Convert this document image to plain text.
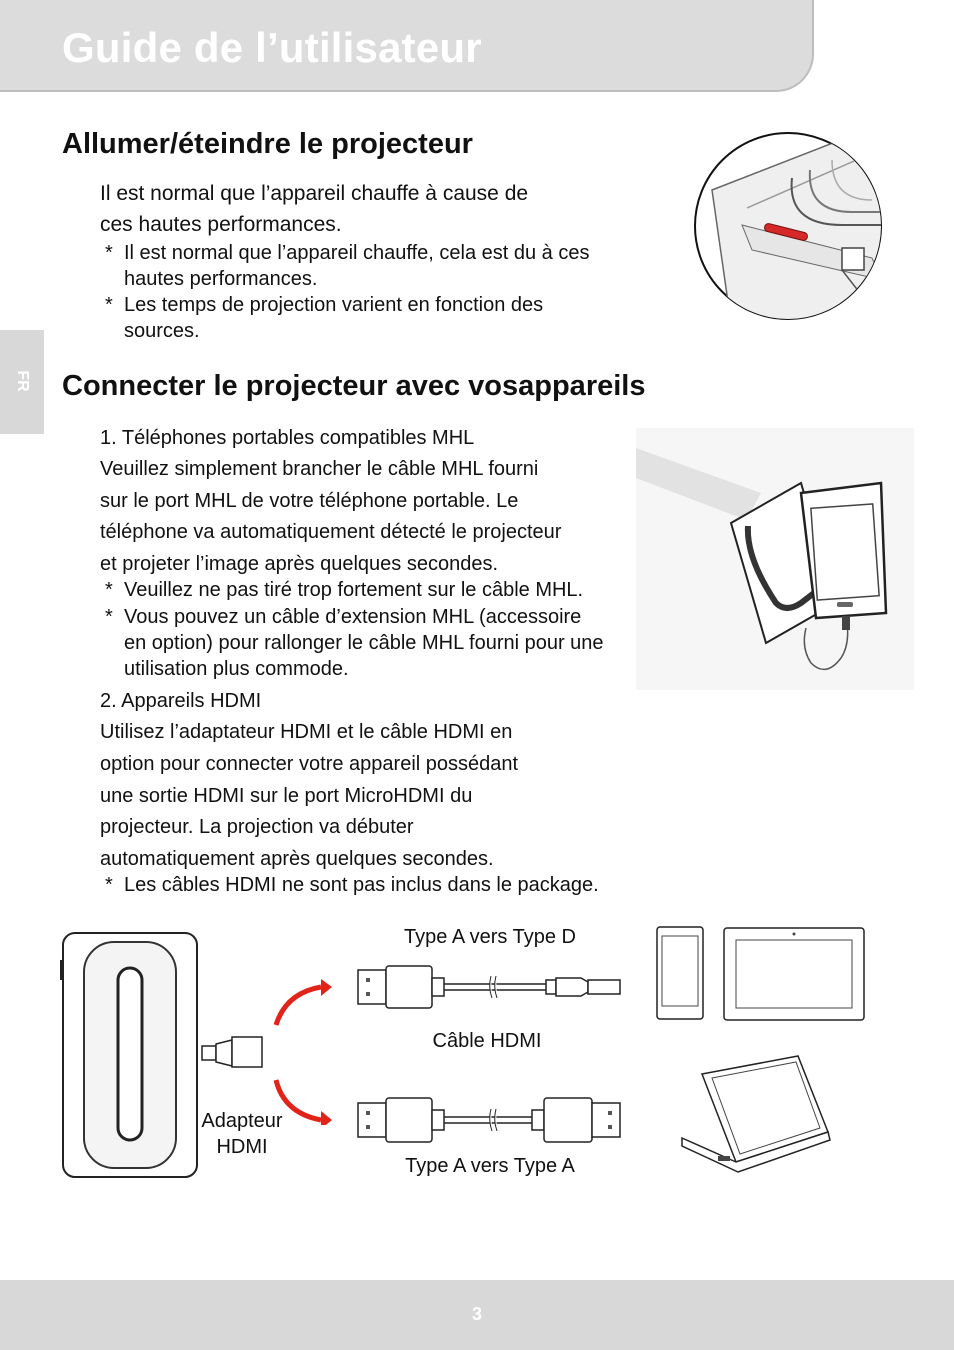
Guide de l’utilisateur
FR
Allumer/éteindre le projecteur

Il est normal que l’appareil chauffe à cause de

ces hautes performances.

* Il est normal que l’appareil chauffe, cela est du à ces
hautes performances.
* Les temps de projection varient en fonction des
sources.
Connecter le projecteur avec vosappareils

1. Téléphones portables compatibles MHL

Veuillez simplement brancher le câble MHL fourni

sur le port MHL de votre téléphone portable. Le

téléphone va automatiquement détecté le projecteur

et projeter l’image après quelques secondes.

* Veuillez ne pas tiré trop fortement sur le câble MHL.
* Vous pouvez un câble d’extension MHL (accessoire
en option) pour rallonger le câble MHL fourni pour une
utilisation plus commode.

2. Appareils HDMI

Utilisez l’adaptateur HDMI et le câble HDMI en

option pour connecter votre appareil possédant

une sortie HDMI sur le port MicroHDMI du

projecteur. La projection va débuter

automatiquement après quelques secondes.

* Les câbles HDMI ne sont pas inclus dans le package.
Type A vers Type D
Câble HDMI
Type A vers Type A
Adapteur
HDMI
3
